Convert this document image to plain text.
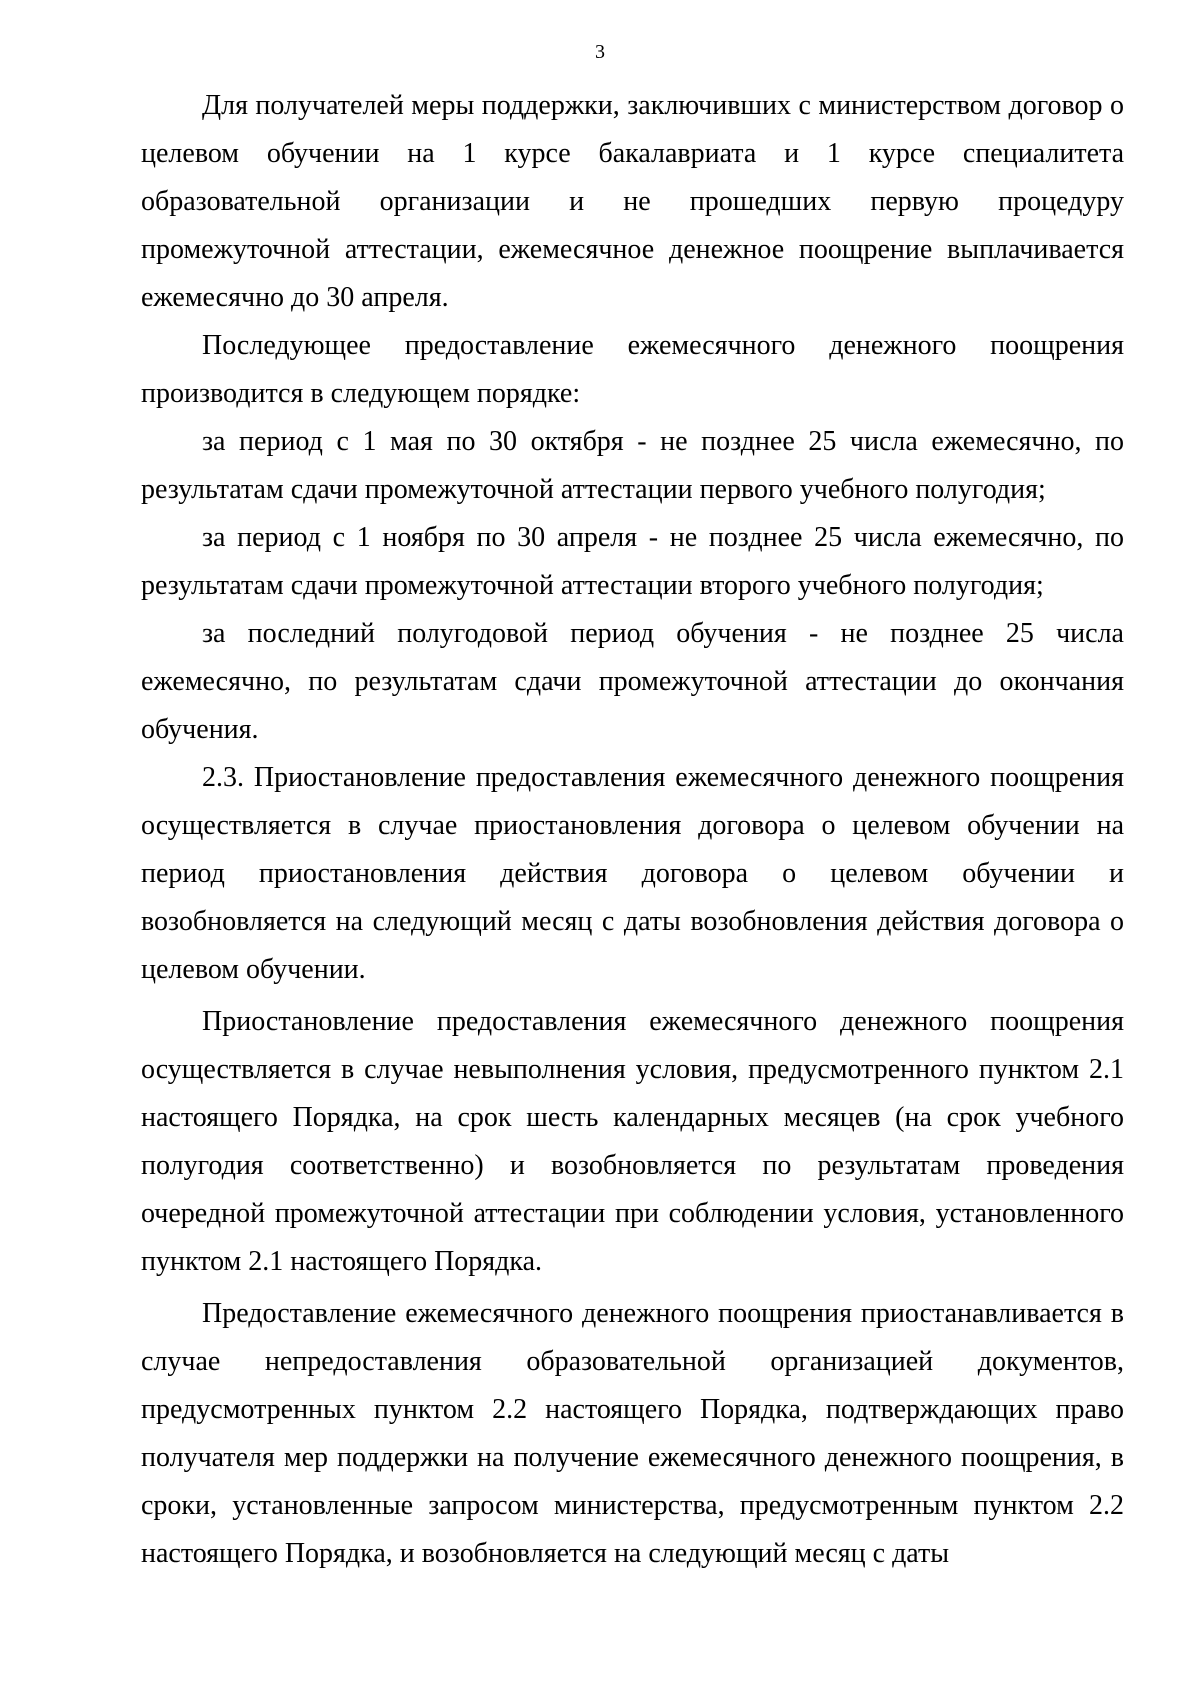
3

Для получателей меры поддержки, заключивших с министерством договор о целевом обучении на 1 курсе бакалавриата и 1 курсе специалитета образовательной организации и не прошедших первую процедуру промежуточной аттестации, ежемесячное денежное поощрение выплачивается ежемесячно до 30 апреля.

Последующее предоставление ежемесячного денежного поощрения производится в следующем порядке:

за период с 1 мая по 30 октября - не позднее 25 числа ежемесячно, по результатам сдачи промежуточной аттестации первого учебного полугодия;

за период с 1 ноября по 30 апреля - не позднее 25 числа ежемесячно, по результатам сдачи промежуточной аттестации второго учебного полугодия;

за последний полугодовой период обучения - не позднее 25 числа ежемесячно, по результатам сдачи промежуточной аттестации до окончания обучения.

2.3. Приостановление предоставления ежемесячного денежного поощрения осуществляется в случае приостановления договора о целевом обучении на период приостановления действия договора о целевом обучении и возобновляется на следующий месяц с даты возобновления действия договора о целевом обучении.

Приостановление предоставления ежемесячного денежного поощрения осуществляется в случае невыполнения условия, предусмотренного пунктом 2.1 настоящего Порядка, на срок шесть календарных месяцев (на срок учебного полугодия соответственно) и возобновляется по результатам проведения очередной промежуточной аттестации при соблюдении условия, установленного пунктом 2.1 настоящего Порядка.

Предоставление ежемесячного денежного поощрения приостанавливается в случае непредоставления образовательной организацией документов, предусмотренных пунктом 2.2 настоящего Порядка, подтверждающих право получателя мер поддержки на получение ежемесячного денежного поощрения, в сроки, установленные запросом министерства, предусмотренным пунктом 2.2 настоящего Порядка, и возобновляется на следующий месяц с даты
